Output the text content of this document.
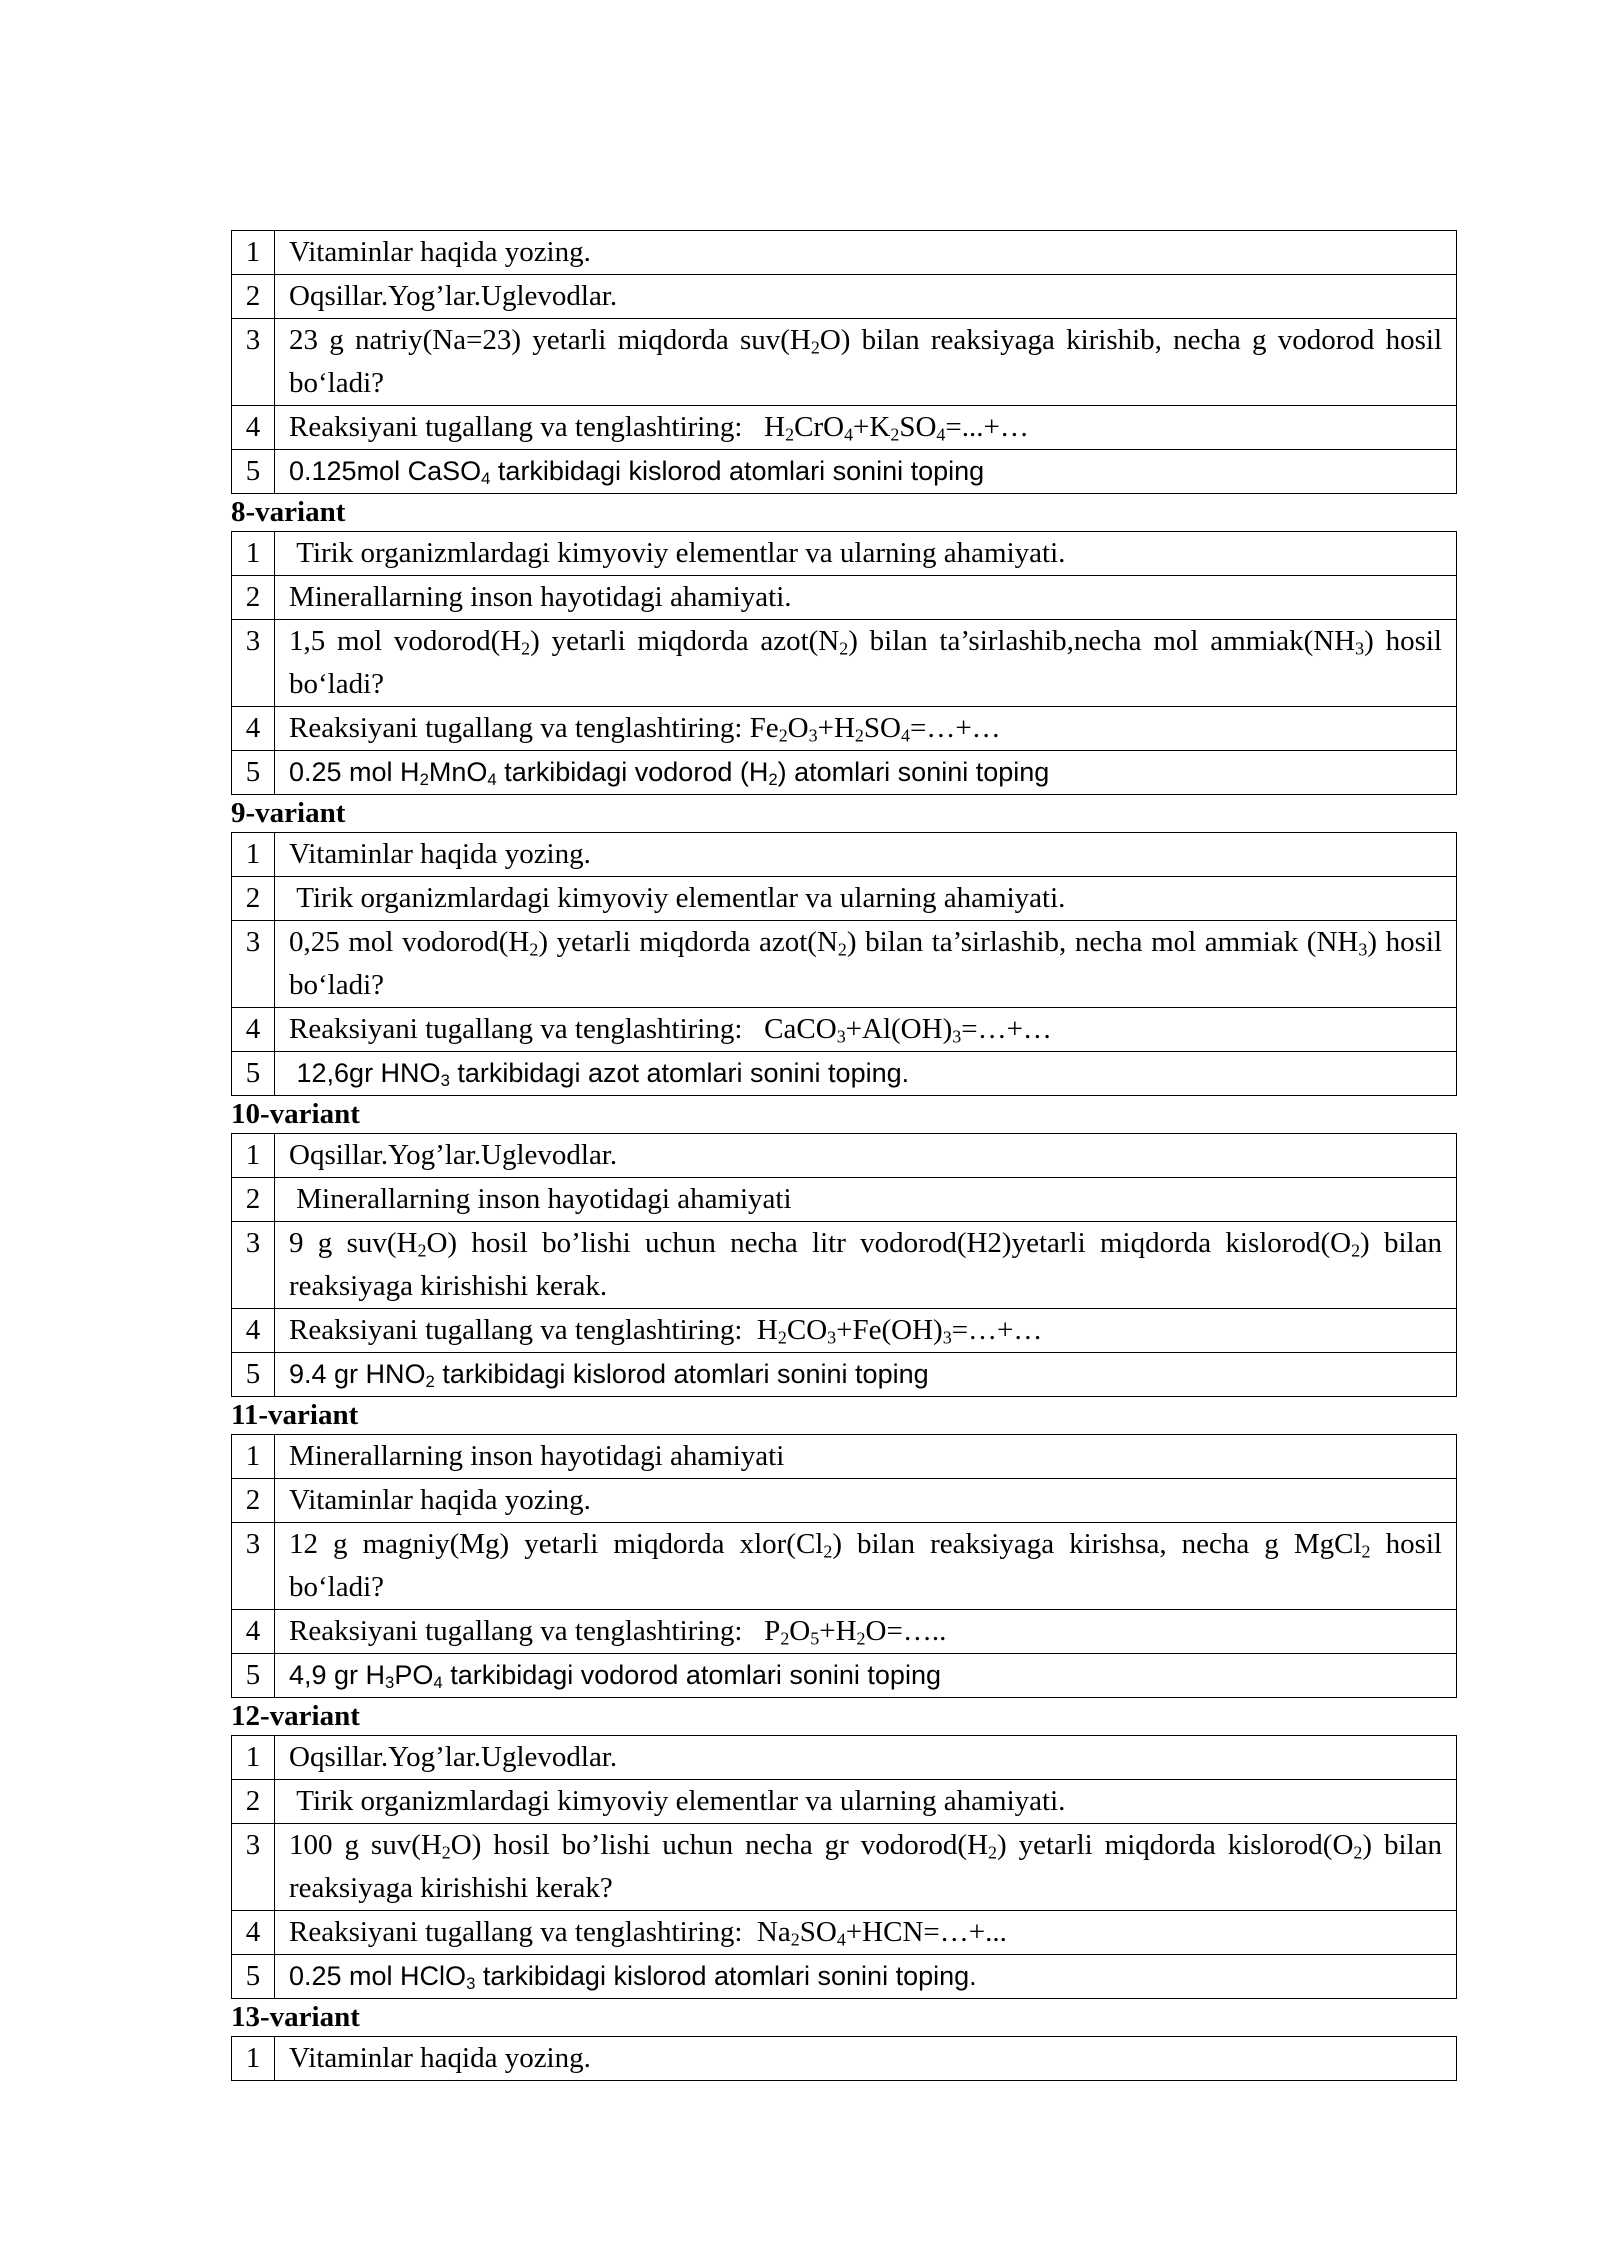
1	Vitaminlar haqida yozing.
2	Oqsillar.Yog’lar.Uglevodlar.
3	23 g natriy(Na=23) yetarli miqdorda $suv(H_2O)$ bilan reaksiyaga kirishib, necha g vodorod hosil bo‘ladi?
4	Reaksiyani tugallang va tenglashtiring:   $H_2CrO_4+K_2SO_4=...+\dots$
5	0.125mol CaSO$_4$ tarkibidagi kislorod atomlari sonini toping
8-variant
1	Tirik organizmlardagi kimyoviy elementlar va ularning ahamiyati.
2	Minerallarning inson hayotidagi ahamiyati.
3	1,5 mol $vodorod(H_2)$ yetarli miqdorda $azot(N_2)$ bilan ta’sirlashib,necha mol $ammiak(NH_3)$ hosil bo‘ladi?
4	Reaksiyani tugallang va tenglashtiring: $Fe_2O_3+H_2SO_4=\dots+\dots$
5	0.25 mol $H_2MnO_4$ tarkibidagi vodorod $(H_2)$ atomlari sonini toping
9-variant
1	Vitaminlar haqida yozing.
2	Tirik organizmlardagi kimyoviy elementlar va ularning ahamiyati.
3	0,25 mol $vodorod(H_2)$ yetarli miqdorda $azot(N_2)$ bilan ta’sirlashib, necha mol ammiak $(NH_3)$ hosil bo‘ladi?
4	Reaksiyani tugallang va tenglashtiring:   $CaCO_3+Al(OH)_3=\dots+\dots$
5	12,6gr $HNO_3$ tarkibidagi azot atomlari sonini toping.
10-variant
1	Oqsillar.Yog’lar.Uglevodlar.
2	Minerallarning inson hayotidagi ahamiyati
3	9 g $suv(H_2O)$ hosil bo’lishi uchun necha litr vodorod(H2)yetarli miqdorda $kislorod(O_2)$ bilan reaksiyaga kirishishi kerak.
4	Reaksiyani tugallang va tenglashtiring:  $H_2CO_3+Fe(OH)_3=\dots+\dots$
5	9.4 gr $HNO_2$ tarkibidagi kislorod atomlari sonini toping
11-variant
1	Minerallarning inson hayotidagi ahamiyati
2	Vitaminlar haqida yozing.
3	12 g magniy(Mg) yetarli miqdorda $xlor(Cl_2)$ bilan reaksiyaga kirishsa, necha g MgCl$_2$ hosil bo‘ladi?
4	Reaksiyani tugallang va tenglashtiring:   $P_2O_5+H_2O=\dots$..
5	4,9 gr $H_3PO_4$ tarkibidagi vodorod atomlari sonini toping
12-variant
1	Oqsillar.Yog’lar.Uglevodlar.
2	Tirik organizmlardagi kimyoviy elementlar va ularning ahamiyati.
3	100 g $suv(H_2O)$ hosil bo’lishi uchun necha gr $vodorod(H_2)$ yetarli miqdorda $kislorod(O_2)$ bilan reaksiyaga kirishishi kerak?
4	Reaksiyani tugallang va tenglashtiring:  $Na_2SO_4+HCN=\dots+$...
5	0.25 mol HClO$_3$ tarkibidagi kislorod atomlari sonini toping.
13-variant
1	Vitaminlar haqida yozing.
